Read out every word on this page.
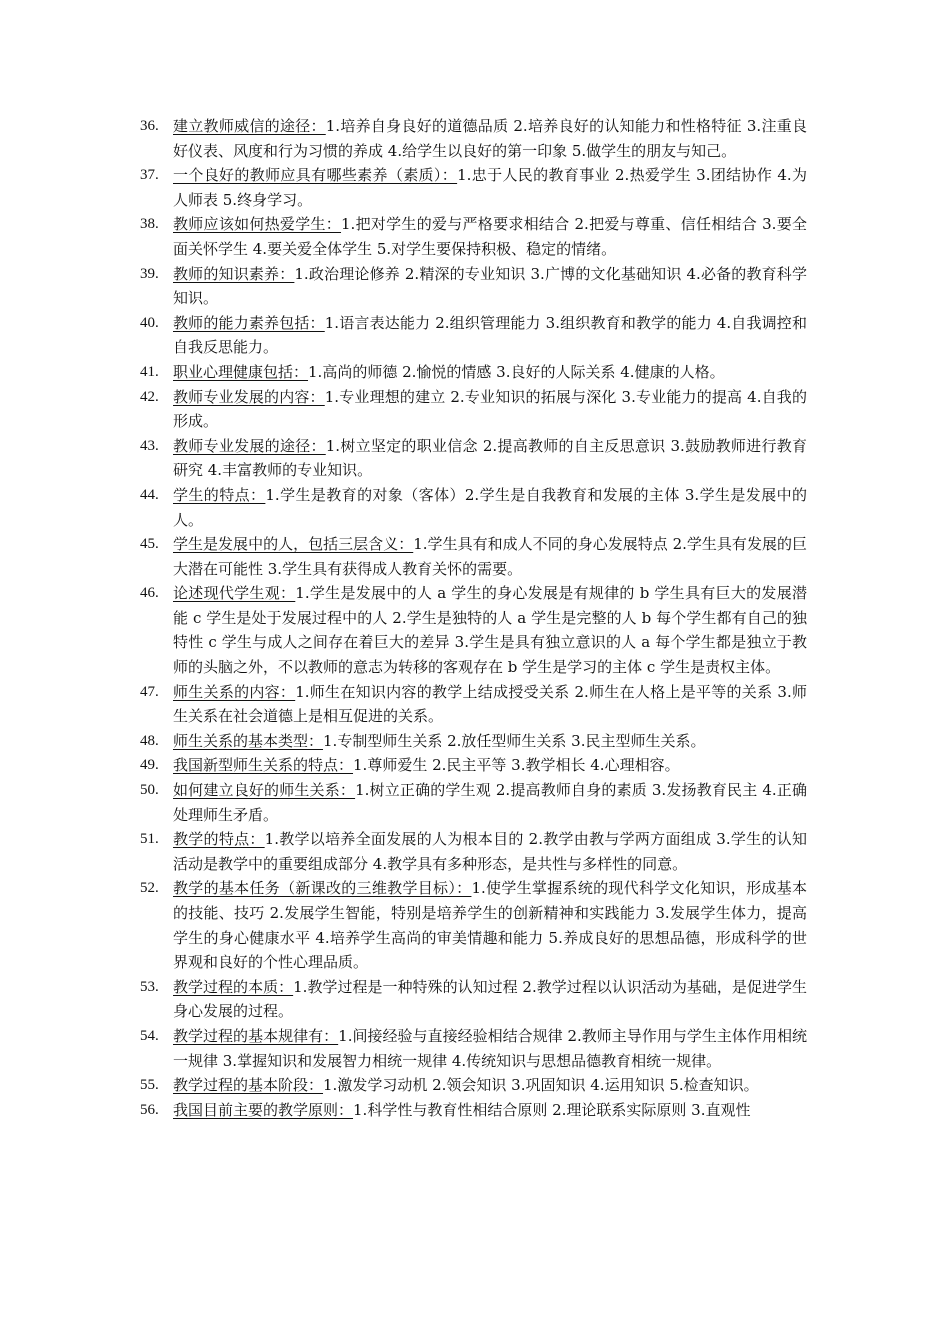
36. 建立教师威信的途径：1.培养自身良好的道德品质 2.培养良好的认知能力和性格特征 3.注重良好仪表、风度和行为习惯的养成 4.给学生以良好的第一印象 5.做学生的朋友与知己。
37. 一个良好的教师应具有哪些素养（素质）：1.忠于人民的教育事业 2.热爱学生 3.团结协作 4.为人师表 5.终身学习。
38. 教师应该如何热爱学生：1.把对学生的爱与严格要求相结合 2.把爱与尊重、信任相结合 3.要全面关怀学生 4.要关爱全体学生 5.对学生要保持积极、稳定的情绪。
39. 教师的知识素养：1.政治理论修养 2.精深的专业知识 3.广博的文化基础知识 4.必备的教育科学知识。
40. 教师的能力素养包括：1.语言表达能力 2.组织管理能力 3.组织教育和教学的能力 4.自我调控和自我反思能力。
41. 职业心理健康包括：1.高尚的师德 2.愉悦的情感 3.良好的人际关系 4.健康的人格。
42. 教师专业发展的内容：1.专业理想的建立 2.专业知识的拓展与深化 3.专业能力的提高 4.自我的形成。
43. 教师专业发展的途径：1.树立坚定的职业信念 2.提高教师的自主反思意识 3.鼓励教师进行教育研究 4.丰富教师的专业知识。
44. 学生的特点：1.学生是教育的对象（客体）2.学生是自我教育和发展的主体 3.学生是发展中的人。
45. 学生是发展中的人，包括三层含义：1.学生具有和成人不同的身心发展特点 2.学生具有发展的巨大潜在可能性 3.学生具有获得成人教育关怀的需要。
46. 论述现代学生观：1.学生是发展中的人 a 学生的身心发展是有规律的 b 学生具有巨大的发展潜能 c 学生是处于发展过程中的人 2.学生是独特的人 a 学生是完整的人 b 每个学生都有自己的独特性 c 学生与成人之间存在着巨大的差异 3.学生是具有独立意识的人 a 每个学生都是独立于教师的头脑之外，不以教师的意志为转移的客观存在 b 学生是学习的主体 c 学生是责权主体。
47. 师生关系的内容：1.师生在知识内容的教学上结成授受关系 2.师生在人格上是平等的关系 3.师生关系在社会道德上是相互促进的关系。
48. 师生关系的基本类型：1.专制型师生关系 2.放任型师生关系 3.民主型师生关系。
49. 我国新型师生关系的特点：1.尊师爱生 2.民主平等 3.教学相长 4.心理相容。
50. 如何建立良好的师生关系：1.树立正确的学生观 2.提高教师自身的素质 3.发扬教育民主 4.正确处理师生矛盾。
51. 教学的特点：1.教学以培养全面发展的人为根本目的 2.教学由教与学两方面组成 3.学生的认知活动是教学中的重要组成部分 4.教学具有多种形态，是共性与多样性的同意。
52. 教学的基本任务（新课改的三维教学目标）：1.使学生掌握系统的现代科学文化知识，形成基本的技能、技巧 2.发展学生智能，特别是培养学生的创新精神和实践能力 3.发展学生体力，提高学生的身心健康水平 4.培养学生高尚的审美情趣和能力 5.养成良好的思想品德，形成科学的世界观和良好的个性心理品质。
53. 教学过程的本质：1.教学过程是一种特殊的认知过程 2.教学过程以认识活动为基础，是促进学生身心发展的过程。
54. 教学过程的基本规律有：1.间接经验与直接经验相结合规律 2.教师主导作用与学生主体作用相统一规律 3.掌握知识和发展智力相统一规律 4.传统知识与思想品德教育相统一规律。
55. 教学过程的基本阶段：1.激发学习动机 2.领会知识 3.巩固知识 4.运用知识 5.检查知识。
56. 我国目前主要的教学原则：1.科学性与教育性相结合原则 2.理论联系实际原则 3.直观性
